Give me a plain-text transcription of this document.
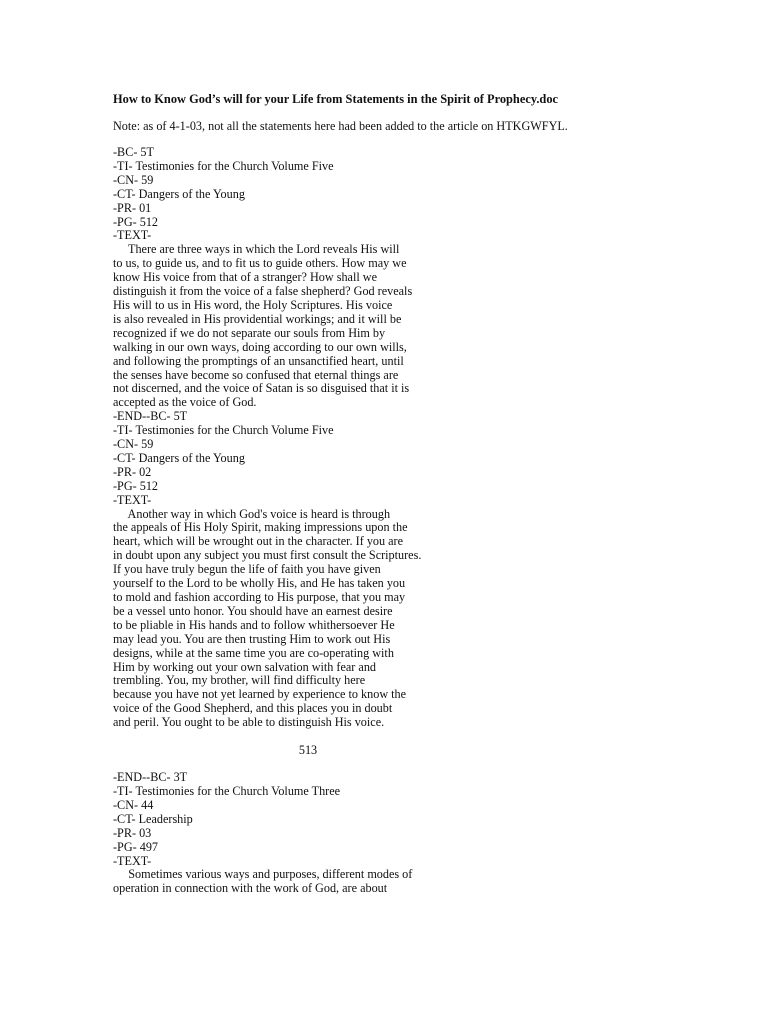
How to Know God’s will for your Life from Statements in the Spirit of Prophecy.doc

Note: as of 4-1-03, not all the statements here had been added to the article on HTKGWFYL.

-BC- 5T
-TI- Testimonies for the Church Volume Five
-CN- 59
-CT- Dangers of the Young
-PR- 01
-PG- 512
-TEXT-
There are three ways in which the Lord reveals His will
to us, to guide us, and to fit us to guide others. How may we
know His voice from that of a stranger? How shall we
distinguish it from the voice of a false shepherd? God reveals
His will to us in His word, the Holy Scriptures. His voice
is also revealed in His providential workings; and it will be
recognized if we do not separate our souls from Him by
walking in our own ways, doing according to our own wills,
and following the promptings of an unsanctified heart, until
the senses have become so confused that eternal things are
not discerned, and the voice of Satan is so disguised that it is
accepted as the voice of God.
-END--BC- 5T
-TI- Testimonies for the Church Volume Five
-CN- 59
-CT- Dangers of the Young
-PR- 02
-PG- 512
-TEXT-
Another way in which God's voice is heard is through
the appeals of His Holy Spirit, making impressions upon the
heart, which will be wrought out in the character. If you are
in doubt upon any subject you must first consult the Scriptures.
If you have truly begun the life of faith you have given
yourself to the Lord to be wholly His, and He has taken you
to mold and fashion according to His purpose, that you may
be a vessel unto honor. You should have an earnest desire
to be pliable in His hands and to follow whithersoever He
may lead you. You are then trusting Him to work out His
designs, while at the same time you are co-operating with
Him by working out your own salvation with fear and
trembling. You, my brother, will find difficulty here
because you have not yet learned by experience to know the
voice of the Good Shepherd, and this places you in doubt
and peril. You ought to be able to distinguish His voice.

513

-END--BC- 3T
-TI- Testimonies for the Church Volume Three
-CN- 44
-CT- Leadership
-PR- 03
-PG- 497
-TEXT-
Sometimes various ways and purposes, different modes of
operation in connection with the work of God, are about
